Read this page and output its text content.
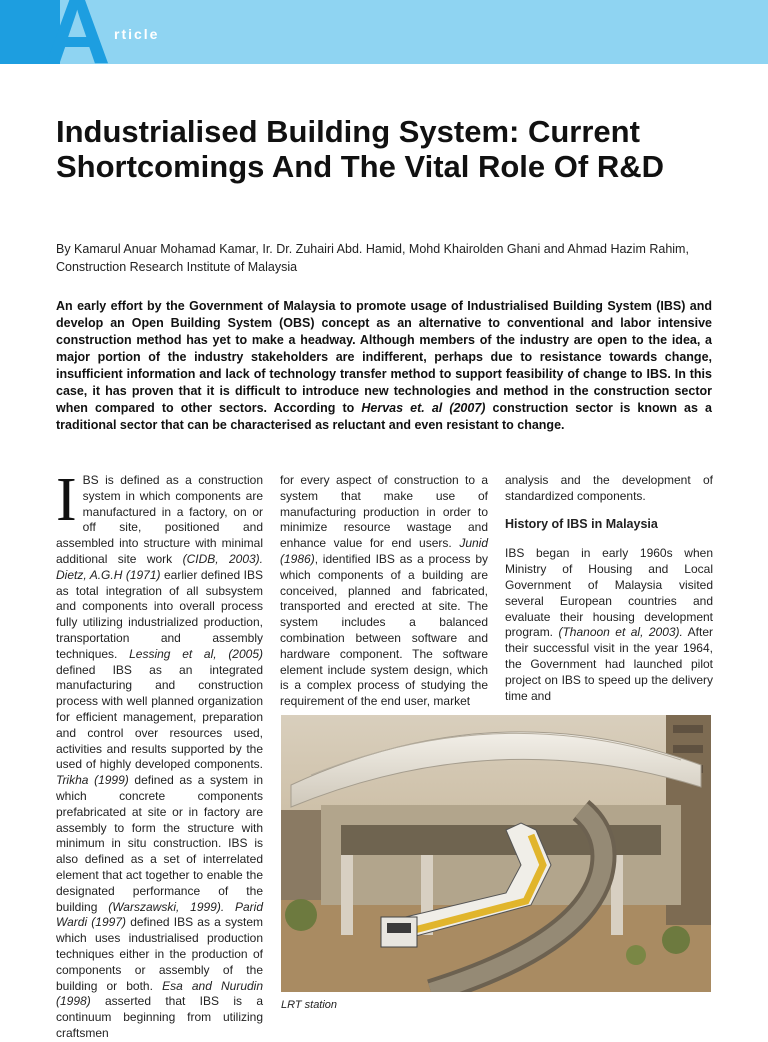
A rticle
Industrialised Building System: Current Shortcomings And The Vital Role Of R&D

By Kamarul Anuar Mohamad Kamar, Ir. Dr. Zuhairi Abd. Hamid, Mohd Khairolden Ghani and Ahmad Hazim Rahim, Construction Research Institute of Malaysia

An early effort by the Government of Malaysia to promote usage of Industrialised Building System (IBS) and develop an Open Building System (OBS) concept as an alternative to conventional and labor intensive construction method has yet to make a headway. Although members of the industry are open to the idea, a major portion of the industry stakeholders are indifferent, perhaps due to resistance towards change, insufficient information and lack of technology transfer method to support feasibility of change to IBS. In this case, it has proven that it is difficult to introduce new technologies and method in the construction sector when compared to other sectors. According to Hervas et. al (2007) construction sector is known as a traditional sector that can be characterised as reluctant and even resistant to change.

IBS is defined as a construction system in which components are manufactured in a factory, on or off site, positioned and assembled into structure with minimal additional site work (CIDB, 2003). Dietz, A.G.H (1971) earlier defined IBS as total integration of all subsystem and components into overall process fully utilizing industrialized production, transportation and assembly techniques. Lessing et al, (2005) defined IBS as an integrated manufacturing and construction process with well planned organization for efficient management, preparation and control over resources used, activities and results supported by the used of highly developed components. Trikha (1999) defined as a system in which concrete components prefabricated at site or in factory are assembly to form the structure with minimum in situ construction. IBS is also defined as a set of interrelated element that act together to enable the designated performance of the building (Warszawski, 1999). Parid Wardi (1997) defined IBS as a system which uses industrialised production techniques either in the production of components or assembly of the building or both. Esa and Nurudin (1998) asserted that IBS is a continuum beginning from utilizing craftsmen

for every aspect of construction to a system that make use of manufacturing production in order to minimize resource wastage and enhance value for end users. Junid (1986), identified IBS as a process by which components of a building are conceived, planned and fabricated, transported and erected at site. The system includes a balanced combination between software and hardware component. The software element include system design, which is a complex process of studying the requirement of the end user, market

analysis and the development of standardized components.

History of IBS in Malaysia

IBS began in early 1960s when Ministry of Housing and Local Government of Malaysia visited several European countries and evaluate their housing development program. (Thanoon et al, 2003). After their successful visit in the year 1964, the Government had launched pilot project on IBS to speed up the delivery time and

LRT station
